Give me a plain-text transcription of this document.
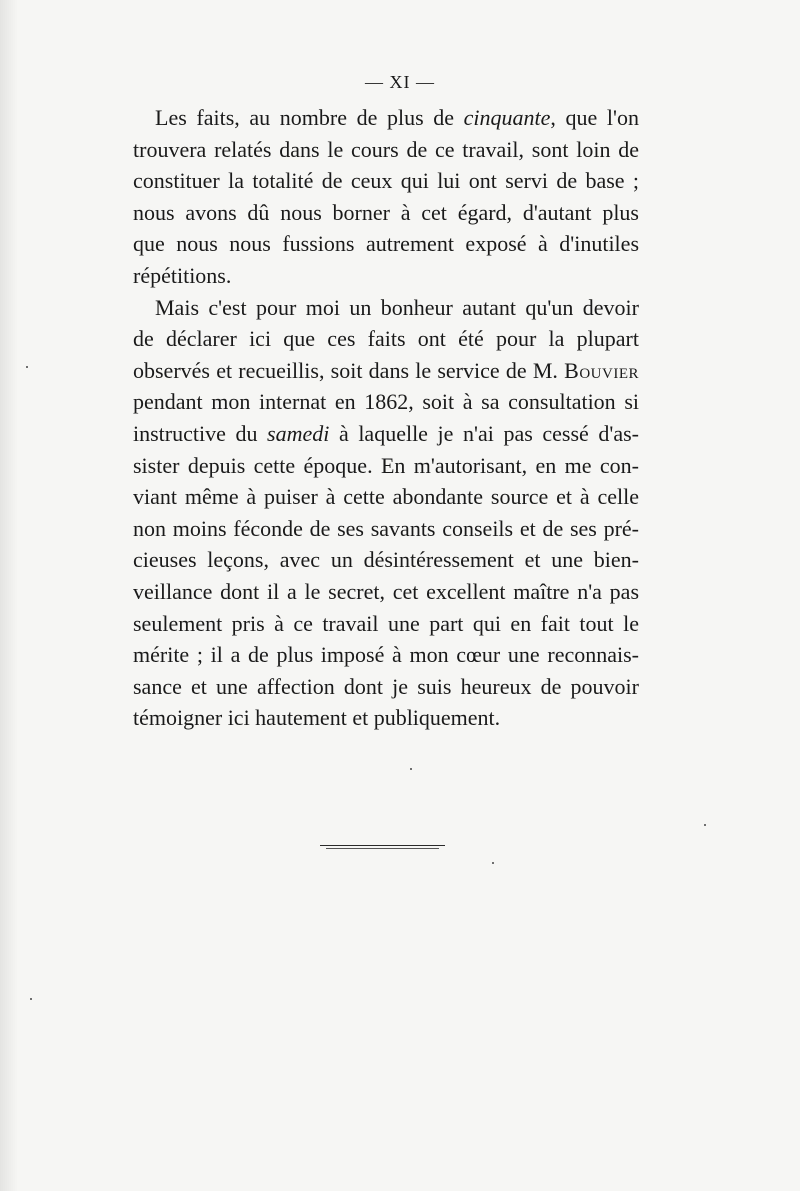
— XI —

Les faits, au nombre de plus de cinquante, que l'on
trouvera relatés dans le cours de ce travail, sont loin de
constituer la totalité de ceux qui lui ont servi de base ;
nous avons dû nous borner à cet égard, d'autant plus
que nous nous fussions autrement exposé à d'inutiles
répétitions.

Mais c'est pour moi un bonheur autant qu'un devoir
de déclarer ici que ces faits ont été pour la plupart
observés et recueillis, soit dans le service de M. Bouvier
pendant mon internat en 1862, soit à sa consultation si
instructive du samedi à laquelle je n'ai pas cessé d'as-
sister depuis cette époque. En m'autorisant, en me con-
viant même à puiser à cette abondante source et à celle
non moins féconde de ses savants conseils et de ses pré-
cieuses leçons, avec un désintéressement et une bien-
veillance dont il a le secret, cet excellent maître n'a pas
seulement pris à ce travail une part qui en fait tout le
mérite ; il a de plus imposé à mon cœur une reconnais-
sance et une affection dont je suis heureux de pouvoir
témoigner ici hautement et publiquement.
